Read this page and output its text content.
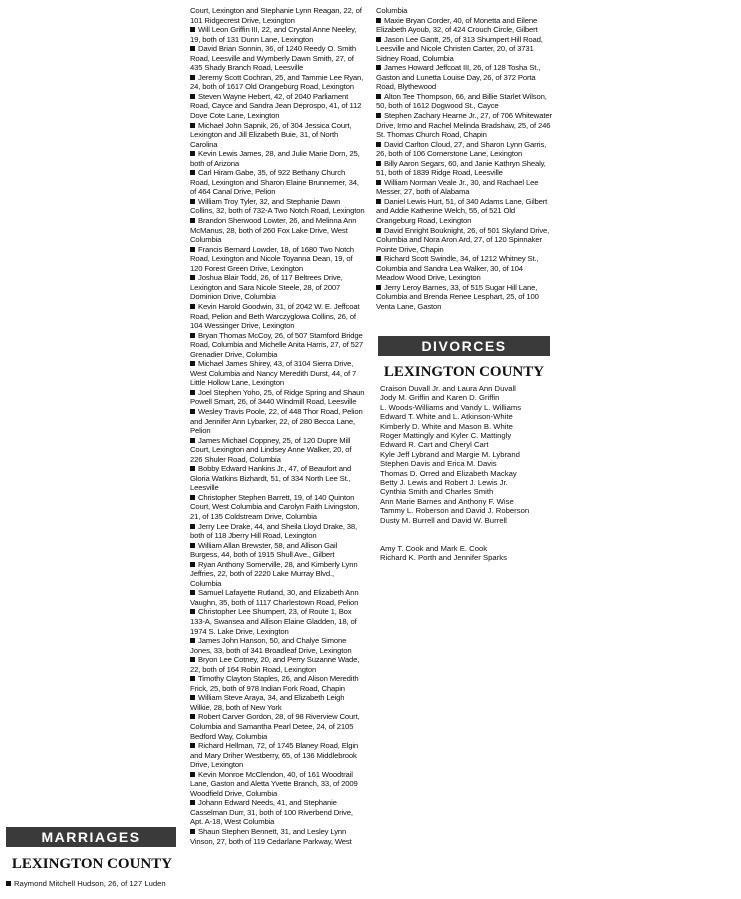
Court, Lexington and Stephanie Lynn Reagan, 22, of 101 Ridgecrest Drive, Lexington

Will Leon Griffin III, 22, and Crystal Anne Neeley, 19, both of 131 Dunn Lane, Lexington

David Brian Sonnin, 36, of 1240 Reedy O. Smith Road, Leesville and Wymberly Dawn Smith, 27, of 435 Shady Branch Road, Leesville

Jeremy Scott Cochran, 25, and Tammie Lee Ryan, 24, both of 1617 Old Orangeburg Road, Lexington

Steven Wayne Hebert, 42, of 2040 Parliament Road, Cayce and Sandra Jean Deprospo, 41, of 112 Dove Cote Lane, Lexington

Michael John Sapnik, 26, of 304 Jessica Court, Lexington and Jill Elizabeth Buie, 31, of North Carolina

Kevin Lewis James, 28, and Julie Marie Dorn, 25, both of Arizona

Carl Hiram Gabe, 35, of 922 Bethany Church Road, Lexington and Sharon Elaine Brunnemer, 34, of 464 Canal Drive, Pelion

William Troy Tyler, 32, and Stephanie Dawn Collins, 32, both of 732-A Two Notch Road, Lexington

Brandon Sherwood Lowter, 26, and Melinna Ann McManus, 28, both of 260 Fox Lake Drive, West Columbia

Francis Bernard Lowder, 18, of 1680 Two Notch Road, Lexington and Nicole Toyanna Dean, 19, of 120 Forest Green Drive, Lexington

Joshua Blair Todd, 26, of 117 Beltrees Drive, Lexington and Sara Nicole Steele, 28, of 2007 Dominion Drive, Columbia

Kevin Harold Goodwin, 31, of 2042 W. E. Jeffcoat Road, Pelion and Beth Warczyglowa Collins, 26, of 104 Wessinger Drive, Lexington

Bryan Thomas McCoy, 26, of 507 Stamford Bridge Road, Columbia and Michelle Anita Harris, 27, of 527 Grenadier Drive, Columbia

Michael James Shirey, 43, of 3104 Sierra Drive, West Columbia and Nancy Meredith Durst, 44, of 7 Little Hollow Lane, Lexington

Joel Stephen Yoho, 25, of Ridge Spring and Shaun Powell Smart, 26, of 3440 Windmill Road, Leesville

Wesley Travis Poole, 22, of 448 Thor Road, Pelion and Jennifer Ann Lybarker, 22, of 280 Becca Lane, Pelion

James Michael Coppney, 25, of 120 Dupre Mill Court, Lexington and Lindsey Anne Walker, 20, of 226 Shuler Road, Columbia

Bobby Edward Hankins Jr., 47, of Beaufort and Gloria Watkins Bizhardt, 51, of 334 North Lee St., Leesville

Christopher Stephen Barrett, 19, of 140 Quinton Court, West Columbia and Carolyn Faith Livingston, 21, of 135 Coldstream Drive, Columbia

Jerry Lee Drake, 44, and Sheila Lloyd Drake, 38, both of 118 Jberry Hill Road, Lexington

William Allan Brewster, 58, and Allison Gail Burgess, 44, both of 1915 Shull Ave., Gilbert

Ryan Anthony Somerville, 28, and Kimberly Lynn Jeffries, 22, both of 2220 Lake Murray Blvd., Columbia

Samuel Lafayette Rutland, 30, and Elizabeth Ann Vaughn, 35, both of 1117 Charlestown Road, Pelion

Christopher Lee Shumpert, 23, of Route 1, Box 133-A, Swansea and Allison Elaine Gladden, 18, of 1974 S. Lake Drive, Lexington

James John Hanson, 50, and Chalye Simone Jones, 33, both of 341 Broadleaf Drive, Lexington

Bryon Lee Cotney, 20, and Perry Suzanne Wade, 22, both of 164 Robin Road, Lexington

Timothy Clayton Staples, 26, and Alison Meredith Frick, 25, both of 978 Indian Fork Road, Chapin

William Steve Araya, 34, and Elizabeth Leigh Wilkie, 28, both of New York

Robert Carver Gordon, 28, of 98 Riverview Court, Columbia and Samantha Pearl Detee, 24, of 2105 Bedford Way, Columbia

Richard Hellman, 72, of 1745 Blaney Road, Elgin and Mary Driher Westberry, 65, of 136 Middlebrook Drive, Lexington

Kevin Monroe McClendon, 40, of 161 Woodtrail Lane, Gaston and Aletta Yvette Branch, 33, of 2009 Woodfield Drive, Columbia

Johann Edward Needs, 41, and Stephanie Casselman Durr, 31, both of 100 Riverbend Drive, Apt. A-18, West Columbia

Shaun Stephen Bennett, 31, and Lesley Lynn Vinson, 27, both of 119 Cedarlane Parkway, West

Columbia

Maxie Bryan Corder, 40, of Monetta and Eilene Elizabeth Ayoub, 32, of 424 Crouch Circle, Gilbert

Jason Lee Gantt, 25, of 313 Shumpert Hill Road, Leesville and Nicole Christen Carter, 20, of 3731 Sidney Road, Columbia

James Howard Jeffcoat III, 26, of 128 Tosha St., Gaston and Lunetta Louise Day, 26, of 372 Porta Road, Blythewood

Alton Tee Thompson, 66, and Billie Starlet Wilson, 50, both of 1612 Dogwood St., Cayce

Stephen Zachary Hearne Jr., 27, of 706 Whitewater Drive, Irmo and Rachel Melinda Bradshaw, 25, of 246 St. Thomas Church Road, Chapin

David Carlton Cloud, 27, and Sharon Lynn Garris, 26, both of 106 Cornerstone Lane, Lexington

Billy Aaron Segars, 60, and Janie Kathryn Shealy, 51, both of 1839 Ridge Road, Leesville

William Norman Veale Jr., 30, and Rachael Lee Messer, 27, both of Alabama

Daniel Lewis Hurt, 51, of 340 Adams Lane, Gilbert and Addie Katherine Welch, 55, of 521 Old Orangeburg Road, Lexington

David Enright Bouknight, 26, of 501 Skyland Drive, Columbia and Nora Aron Ard, 27, of 120 Spinnaker Pointe Drive, Chapin

Richard Scott Swindle, 34, of 1212 Whitney St., Columbia and Sandra Lea Walker, 30, of 104 Meadow Wood Drive, Lexington

Jerry Leroy Barnes, 33, of 515 Sugar Hill Lane, Columbia and Brenda Renee Lesphart, 25, of 100 Venta Lane, Gaston

DIVORCES
LEXINGTON COUNTY
Craison Duvall Jr. and Laura Ann Duvall
Jody M. Griffin and Karen D. Griffin
L. Woods-Williams and Vandy L. Williams
Edward T. White and L. Atkinson-White
Kimberly D. White and Mason B. White
Roger Mattingly and Kyler C. Mattingly
Edward R. Cart and Cheryl Cart
Kyle Jeff Lybrand and Margie M. Lybrand
Stephen Davis and Erica M. Davis
Thomas D. Orred and Elizabeth Mackay
Betty J. Lewis and Robert J. Lewis Jr.
Cynthia Smith and Charles Smith
Ann Marie Barnes and Anthony F. Wise
Tammy L. Roberson and David J. Roberson
Dusty M. Burrell and David W. Burrell
Amy T. Cook and Mark E. Cook
Richard K. Porth and Jennifer Sparks
MARRIAGES
LEXINGTON COUNTY
Raymond Mitchell Hudson, 26, of 127 Luden
